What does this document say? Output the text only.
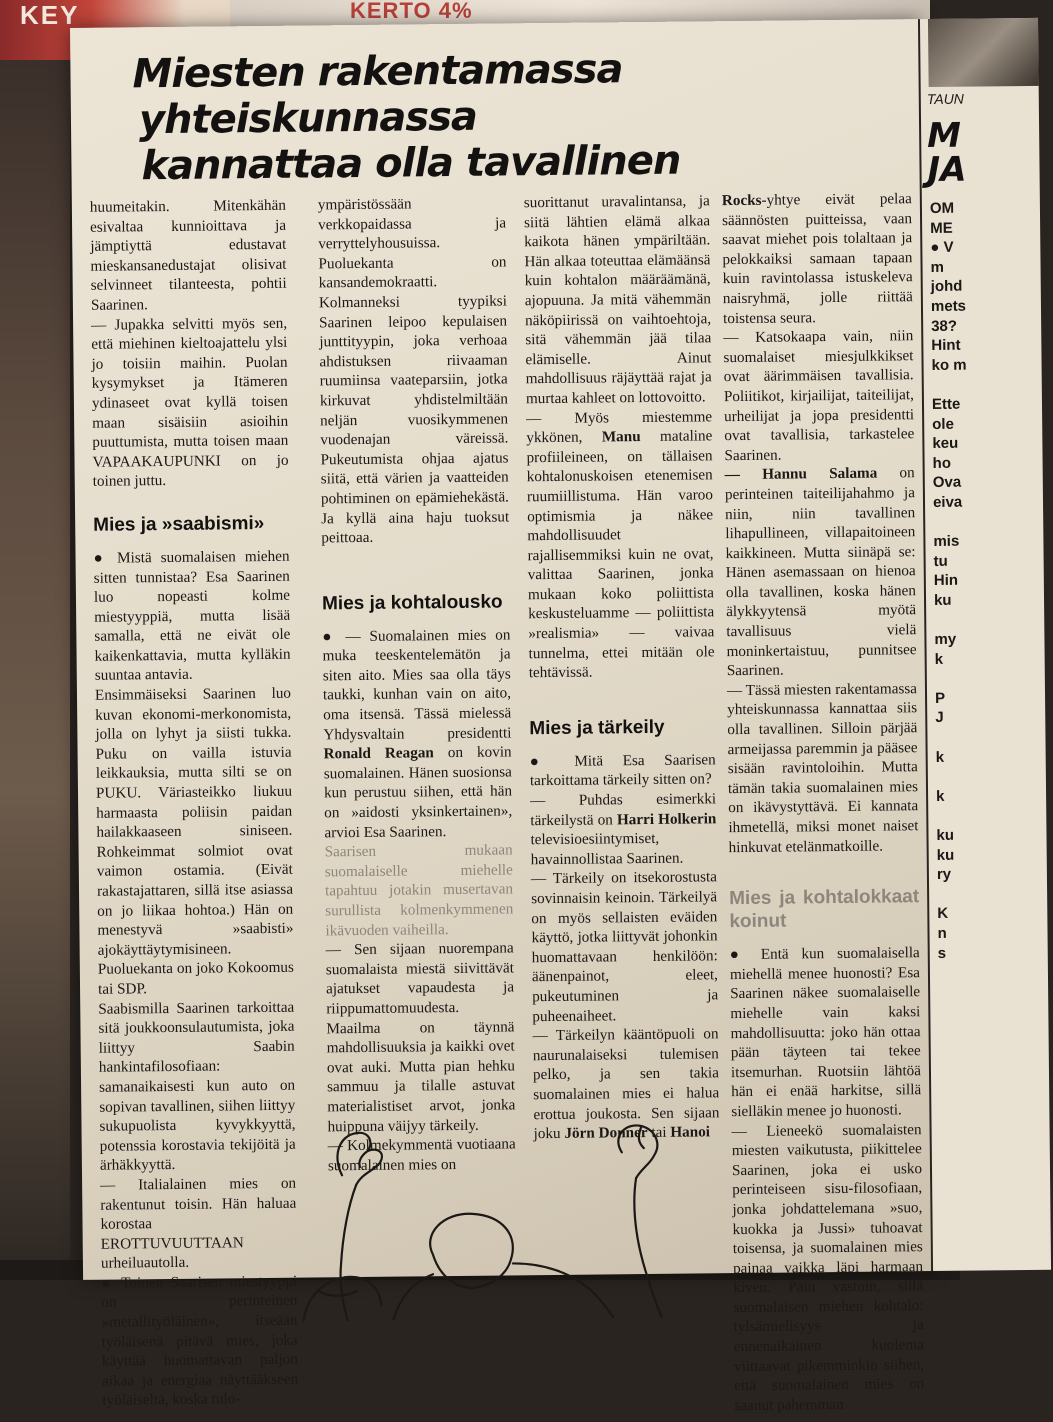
KEY	KERTO 4%
Miesten rakentamassa
yhteiskunnassa
kannattaa olla tavallinen

huumeitakin. Mitenkähän esivaltaa kunnioittava ja jämptiyttä edustavat mieskansanedustajat olisivat selvinneet tilanteesta, pohtii Saarinen.

— Jupakka selvitti myös sen, että miehinen kieltoajattelu ylsi jo toisiin maihin. Puolan kysymykset ja Itämeren ydinaseet ovat kyllä toisen maan sisäisiin asioihin puuttumista, mutta toisen maan VAPAAKAUPUNKI on jo toinen juttu.

Mies ja »saabismi»

● Mistä suomalaisen miehen sitten tunnistaa? Esa Saarinen luo nopeasti kolme miestyyppiä, mutta lisää samalla, että ne eivät ole kaikenkattavia, mutta kylläkin suuntaa antavia.

Ensimmäiseksi Saarinen luo kuvan ekonomi-merkonomista, jolla on lyhyt ja siisti tukka. Puku on vailla istuvia leikkauksia, mutta silti se on PUKU. Väriasteikko liukuu harmaasta poliisin paidan hailakkaaseen siniseen. Rohkeimmat solmiot ovat vaimon ostamia. (Eivät rakastajattaren, sillä itse asiassa on jo liikaa hohtoa.) Hän on menestyvä »saabisti» ajokäyttäytymisineen. Puoluekanta on joko Kokoomus tai SDP.

Saabismilla Saarinen tarkoittaa sitä joukkoonsulautumista, joka liittyy Saabin hankintafilosofiaan: samanaikaisesti kun auto on sopivan tavallinen, siihen liittyy sukupuolista kyvykkyyttä, potenssia korostavia tekijöitä ja ärhäkkyyttä.

— Italialainen mies on rakentunut toisin. Hän haluaa korostaa EROTTUVUUTTAAN urheiluautolla.

● Toinen Saarisen miestyyppi on perinteinen »metallityöläinen», itseään työläisenä pitävä mies, joka käyttää huomattavan paljon aikaa ja energiaa näyttääkseen työläiseltä, koska tulo-

ympäristössään verkkopaidassa ja verryttelyhousuissa. Puoluekanta on kansandemokraatti.

Kolmanneksi tyypiksi Saarinen leipoo kepulaisen junttityypin, joka verhoaa ahdistuksen riivaaman ruumiinsa vaateparsiin, jotka kirkuvat yhdistelmiltään neljän vuosikymmenen vuodenajan väreissä. Pukeutumista ohjaa ajatus siitä, että värien ja vaatteiden pohtiminen on epämiehekästä. Ja kyllä aina haju tuoksut peittoaa.

Mies ja kohtalousko

● — Suomalainen mies on muka teeskentelemätön ja siten aito. Mies saa olla täys taukki, kunhan vain on aito, oma itsensä. Tässä mielessä Yhdysvaltain presidentti Ronald Reagan on kovin suomalainen. Hänen suosionsa kun perustuu siihen, että hän on »aidosti yksinkertainen», arvioi Esa Saarinen.

Saarisen mukaan suomalaiselle miehelle tapahtuu jotakin musertavan surullista kolmenkymmenen ikävuoden vaiheilla.

— Sen sijaan nuorempana suomalaista miestä siivittävät ajatukset vapaudesta ja riippumattomuudesta. Maailma on täynnä mahdollisuuksia ja kaikki ovet ovat auki. Mutta pian hehku sammuu ja tilalle astuvat materialistiset arvot, jonka huippuna väijyy tärkeily.

— Kolmekymmentä vuotiaana suomalainen mies on

suorittanut uravalintansa, ja siitä lähtien elämä alkaa kaikota hänen ympäriltään. Hän alkaa toteuttaa elämäänsä kuin kohtalon määräämänä, ajopuuna. Ja mitä vähemmän näköpiirissä on vaihtoehtoja, sitä vähemmän jää tilaa elämiselle. Ainut mahdollisuus räjäyttää rajat ja murtaa kahleet on lottovoitto.

— Myös miestemme ykkönen, Manu mataline profiileineen, on tällaisen kohtalonuskoisen etenemisen ruumiillistuma. Hän varoo optimismia ja näkee mahdollisuudet rajallisemmiksi kuin ne ovat, valittaa Saarinen, jonka mukaan koko poliittista keskusteluamme — poliittista »realismia» — vaivaa tunnelma, ettei mitään ole tehtävissä.

Mies ja tärkeily

● Mitä Esa Saarisen tarkoittama tärkeily sitten on?

— Puhdas esimerkki tärkeilystä on Harri Holkerin televisioesiintymiset, havainnollistaa Saarinen.

— Tärkeily on itsekorostusta sovinnaisin keinoin. Tärkeilyä on myös sellaisten eväiden käyttö, jotka liittyvät johonkin huomattavaan henkilöön: äänenpainot, eleet, pukeutuminen ja puheenaiheet.

— Tärkeilyn kääntöpuoli on naurunalaiseksi tulemisen pelko, ja sen takia suomalainen mies ei halua erottua joukosta. Sen sijaan joku Jörn Donner tai Hanoi

Rocks-yhtye eivät pelaa säännösten puitteissa, vaan saavat miehet pois tolaltaan ja pelokkaiksi samaan tapaan kuin ravintolassa istuskeleva naisryhmä, jolle riittää toistensa seura.

— Katsokaapa vain, niin suomalaiset miesjulkkikset ovat äärimmäisen tavallisia. Poliitikot, kirjailijat, taiteilijat, urheilijat ja jopa presidentti ovat tavallisia, tarkastelee Saarinen.

— Hannu Salama on perinteinen taiteilijahahmo ja niin, niin tavallinen lihapullineen, villapaitoineen kaikkineen. Mutta siinäpä se: Hänen asemassaan on hienoa olla tavallinen, koska hänen älykkyytensä myötä tavallisuus vielä moninkertaistuu, punnitsee Saarinen.

— Tässä miesten rakentamassa yhteiskunnassa kannattaa siis olla tavallinen. Silloin pärjää armeijassa paremmin ja pääsee sisään ravintoloihin. Mutta tämän takia suomalainen mies on ikävystyttävä. Ei kannata ihmetellä, miksi monet naiset hinkuvat etelänmatkoille.

Mies ja kohtalokkaat koinut

● Entä kun suomalaisella miehellä menee huonosti? Esa Saarinen näkee suomalaiselle miehelle vain kaksi mahdollisuutta: joko hän ottaa pään täyteen tai tekee itsemurhan. Ruotsiin lähtöä hän ei enää harkitse, sillä sielläkin menee jo huonosti.

— Lieneekö suomalaisten miesten vaikutusta, piikittelee Saarinen, joka ei usko perinteiseen sisu-filosofiaan, jonka johdattelemana »suo, kuokka ja Jussi» tuhoavat toisensa, ja suomalainen mies painaa vaikka läpi harmaan kiven. Päin vastoin, sillä suomalaisen miehen kohtalo: tylsämielisyys ja ennenaikainen kuolema viittaavat pikemminkin siihen, että suomalainen mies on saanut pahemman

TAUN
M
JA
OM
ME
● V
m
johd
mets
38?
Hint
ko m

Ette
ole
keu
ho
Ova
eiva

mis
tu
Hin
ku

my
k

P
J

k

k

ku
ku
ry

K
n
s
